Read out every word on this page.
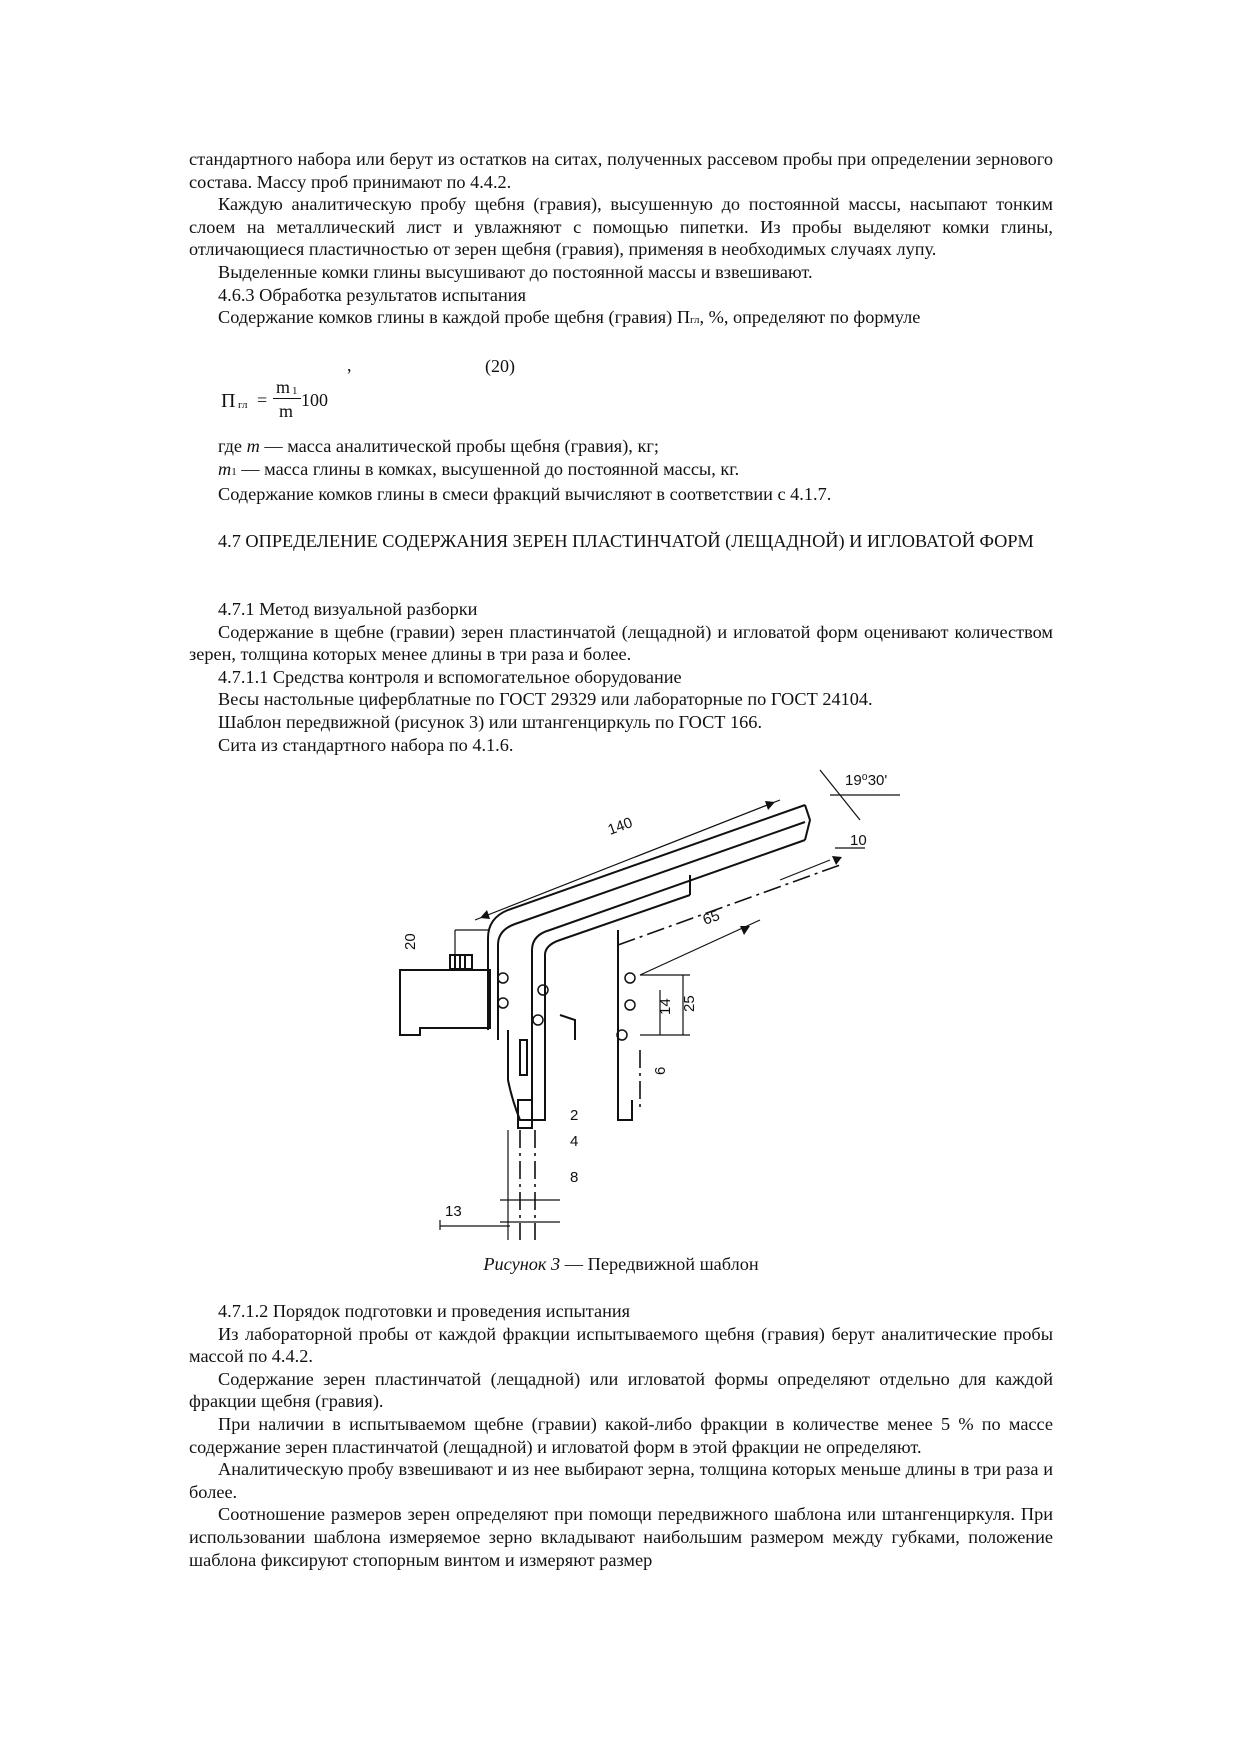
стандартного набора или берут из остатков на ситах, полученных рассевом пробы при определении зернового состава. Массу проб принимают по 4.4.2.

Каждую аналитическую пробу щебня (гравия), высушенную до постоянной массы, насыпают тонким слоем на металлический лист и увлажняют с помощью пипетки. Из пробы выделяют комки глины, отличающиеся пластичностью от зерен щебня (гравия), применяя в необходимых случаях лупу.

Выделенные комки глины высушивают до постоянной массы и взвешивают.

4.6.3 Обработка результатов испытания

Содержание комков глины в каждой пробе щебня (гравия) Пгл, %, определяют по формуле

,	(20)
П гл =
m 1
m
100

где m — масса аналитической пробы щебня (гравия), кг;

m1 — масса глины в комках, высушенной до постоянной массы, кг.

Содержание комков глины в смеси фракций вычисляют в соответствии с 4.1.7.

4.7 ОПРЕДЕЛЕНИЕ СОДЕРЖАНИЯ ЗЕРЕН ПЛАСТИНЧАТОЙ (ЛЕЩАДНОЙ) И ИГЛОВАТОЙ ФОРМ

4.7.1 Метод визуальной разборки

Содержание в щебне (гравии) зерен пластинчатой (лещадной) и игловатой форм оценивают количеством зерен, толщина которых менее длины в три раза и более.

4.7.1.1 Средства контроля и вспомогательное оборудование

Весы настольные циферблатные по ГОСТ 29329 или лабораторные по ГОСТ 24104.

Шаблон передвижной (рисунок 3) или штангенциркуль по ГОСТ 166.

Сита из стандартного набора по 4.1.6.

140
19⁰30'
10
65
20
14 25
6
2
4
8
13
Рисунок 3 — Передвижной шаблон

4.7.1.2 Порядок подготовки и проведения испытания

Из лабораторной пробы от каждой фракции испытываемого щебня (гравия) берут аналитические пробы массой по 4.4.2.

Содержание зерен пластинчатой (лещадной) или игловатой формы определяют отдельно для каждой фракции щебня (гравия).

При наличии в испытываемом щебне (гравии) какой-либо фракции в количестве менее 5 % по массе содержание зерен пластинчатой (лещадной) и игловатой форм в этой фракции не определяют.

Аналитическую пробу взвешивают и из нее выбирают зерна, толщина которых меньше длины в три раза и более.

Соотношение размеров зерен определяют при помощи передвижного шаблона или штангенциркуля. При использовании шаблона измеряемое зерно вкладывают наибольшим размером между губками, положение шаблона фиксируют стопорным винтом и измеряют размер
